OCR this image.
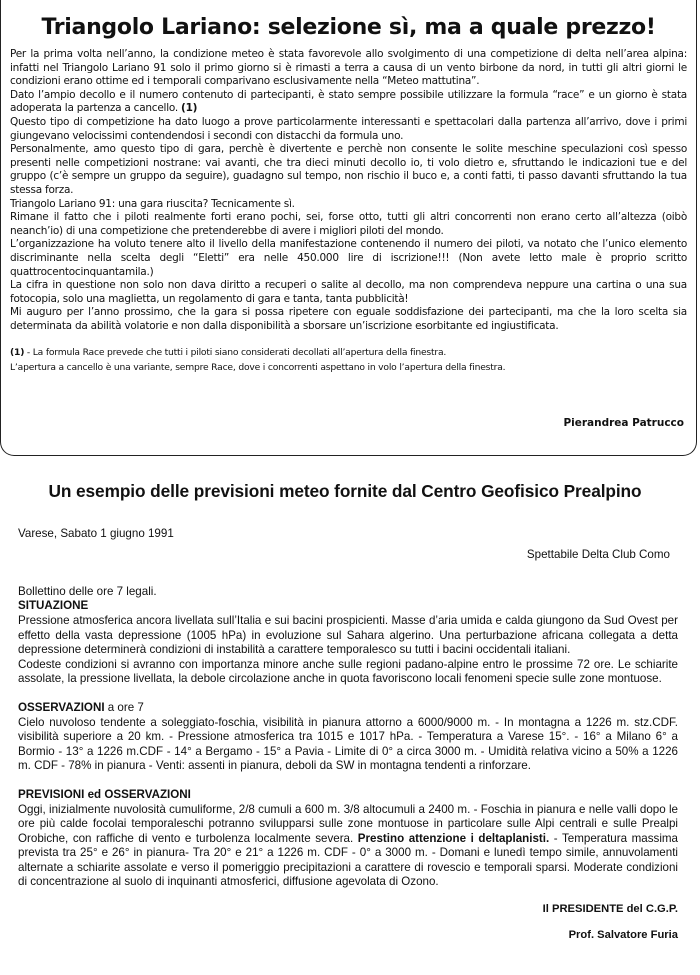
Triangolo Lariano: selezione sì, ma a quale prezzo!

Per la prima volta nell’anno, la condizione meteo è stata favorevole allo svolgimento di una competizione di delta nell’area alpina: infatti nel Triangolo Lariano 91 solo il primo giorno si è rimasti a terra a causa di un vento birbone da nord, in tutti gli altri giorni le condizioni erano ottime ed i temporali comparivano esclusivamente nella “Meteo mattutina”.

Dato l’ampio decollo e il numero contenuto di partecipanti, è stato sempre possibile utilizzare la formula “race” e un giorno è stata adoperata la partenza a cancello. (1)

Questo tipo di competizione ha dato luogo a prove particolarmente interessanti e spettacolari dalla partenza all’arrivo, dove i primi giungevano velocissimi contendendosi i secondi con distacchi da formula uno.

Personalmente, amo questo tipo di gara, perchè è divertente e perchè non consente le solite meschine speculazioni così spesso presenti nelle competizioni nostrane: vai avanti, che tra dieci minuti decollo io, ti volo dietro e, sfruttando le indicazioni tue e del gruppo (c’è sempre un gruppo da seguire), guadagno sul tempo, non rischio il buco e, a conti fatti, ti passo davanti sfruttando la tua stessa forza.

Triangolo Lariano 91: una gara riuscita? Tecnicamente sì.

Rimane il fatto che i piloti realmente forti erano pochi, sei, forse otto, tutti gli altri concorrenti non erano certo all’altezza (oibò neanch’io) di una competizione che pretenderebbe di avere i migliori piloti del mondo.

L’organizzazione ha voluto tenere alto il livello della manifestazione contenendo il numero dei piloti, va notato che l’unico elemento discriminante nella scelta degli “Eletti” era nelle 450.000 lire di iscrizione!!! (Non avete letto male è proprio scritto quattrocentocinquantamila.)

La cifra in questione non solo non dava diritto a recuperi o salite al decollo, ma non comprendeva neppure una cartina o una sua fotocopia, solo una maglietta, un regolamento di gara e tanta, tanta pubblicità!

Mi auguro per l’anno prossimo, che la gara si possa ripetere con eguale soddisfazione dei partecipanti, ma che la loro scelta sia determinata da abilità volatorie e non dalla disponibilità a sborsare un’iscrizione esorbitante ed ingiustificata.

(1) - La formula Race prevede che tutti i piloti siano considerati decollati all’apertura della finestra.

L’apertura a cancello è una variante, sempre Race, dove i concorrenti aspettano in volo l’apertura della finestra.

Pierandrea Patrucco
Un esempio delle previsioni meteo fornite dal Centro Geofisico Prealpino

Varese, Sabato 1 giugno 1991

Spettabile Delta Club Como

Bollettino delle ore 7 legali.

SITUAZIONE

Pressione atmosferica ancora livellata sull’Italia e sui bacini prospicienti. Masse d’aria umida e calda giungono da Sud Ovest per effetto della vasta depressione (1005 hPa) in evoluzione sul Sahara algerino. Una perturbazione africana collegata a detta depressione determinerà condizioni di instabilità a carattere temporalesco su tutti i bacini occidentali italiani.

Codeste condizioni si avranno con importanza minore anche sulle regioni padano-alpine entro le prossime 72 ore. Le schiarite assolate, la pressione livellata, la debole circolazione anche in quota favoriscono locali fenomeni specie sulle zone montuose.

OSSERVAZIONI a ore 7

Cielo nuvoloso tendente a soleggiato-foschia, visibilità in pianura attorno a 6000/9000 m. - In montagna a 1226 m. stz.CDF. visibilità superiore a 20 km. - Pressione atmosferica tra 1015 e 1017 hPa. - Temperatura a Varese 15°. - 16° a Milano 6° a Bormio - 13° a 1226 m.CDF - 14° a Bergamo - 15° a Pavia - Limite di 0° a circa 3000 m. - Umidità relativa vicino a 50% a 1226 m. CDF - 78% in pianura - Venti: assenti in pianura, deboli da SW in montagna tendenti a rinforzare.

PREVISIONI ed OSSERVAZIONI

Oggi, inizialmente nuvolosità cumuliforme, 2/8 cumuli a 600 m. 3/8 altocumuli a 2400 m. - Foschia in pianura e nelle valli dopo le ore più calde focolai temporaleschi potranno svilupparsi sulle zone montuose in particolare sulle Alpi centrali e sulle Prealpi Orobiche, con raffiche di vento e turbolenza localmente severa. Prestino attenzione i deltaplanisti. - Temperatura massima prevista tra 25° e 26° in pianura- Tra 20° e 21° a 1226 m. CDF - 0° a 3000 m. - Domani e lunedì tempo simile, annuvolamenti alternate a schiarite assolate e verso il pomeriggio precipitazioni a carattere di rovescio e temporali sparsi. Moderate condizioni di concentrazione al suolo di inquinanti atmosferici, diffusione agevolata di Ozono.

Il PRESIDENTE del C.G.P.

Prof. Salvatore Furia
